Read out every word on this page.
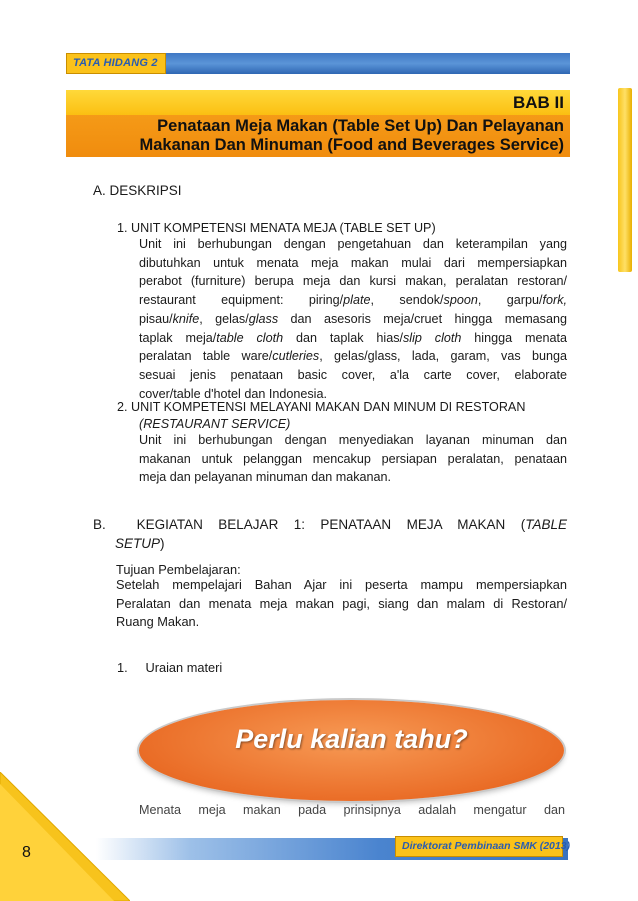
TATA HIDANG 2
BAB II
Penataan Meja Makan (Table Set Up) Dan Pelayanan
Makanan Dan Minuman (Food and Beverages Service)
A. DESKRIPSI
1. UNIT KOMPETENSI MENATA MEJA (TABLE SET UP)
Unit ini berhubungan dengan pengetahuan dan keterampilan yang
dibutuhkan untuk menata meja makan mulai dari mempersiapkan
perabot (furniture) berupa meja dan kursi makan, peralatan restoran/
restaurant equipment: piring/plate, sendok/spoon, garpu/fork,
pisau/knife, gelas/glass dan asesoris meja/cruet hingga memasang
taplak meja/table cloth dan taplak hias/slip cloth hingga menata
peralatan table ware/cutleries, gelas/glass, lada, garam, vas bunga
sesuai jenis penataan basic cover, a'la carte cover, elaborate
cover/table d'hotel dan Indonesia.
2. UNIT KOMPETENSI MELAYANI MAKAN DAN MINUM DI RESTORAN
(RESTAURANT SERVICE)
Unit ini berhubungan dengan menyediakan layanan minuman dan
makanan untuk pelanggan mencakup persiapan peralatan, penataan
meja dan pelayanan minuman dan makanan.
B.  KEGIATAN BELAJAR 1: PENATAAN MEJA MAKAN (TABLE
SETUP)
Tujuan Pembelajaran:
Setelah mempelajari Bahan Ajar ini peserta mampu mempersiapkan
Peralatan dan menata meja makan pagi, siang dan malam di Restoran/
Ruang Makan.
1.     Uraian materi
Perlu kalian tahu?
Menata meja makan pada prinsipnya adalah mengatur dan
Direktorat Pembinaan SMK (2013)
8
